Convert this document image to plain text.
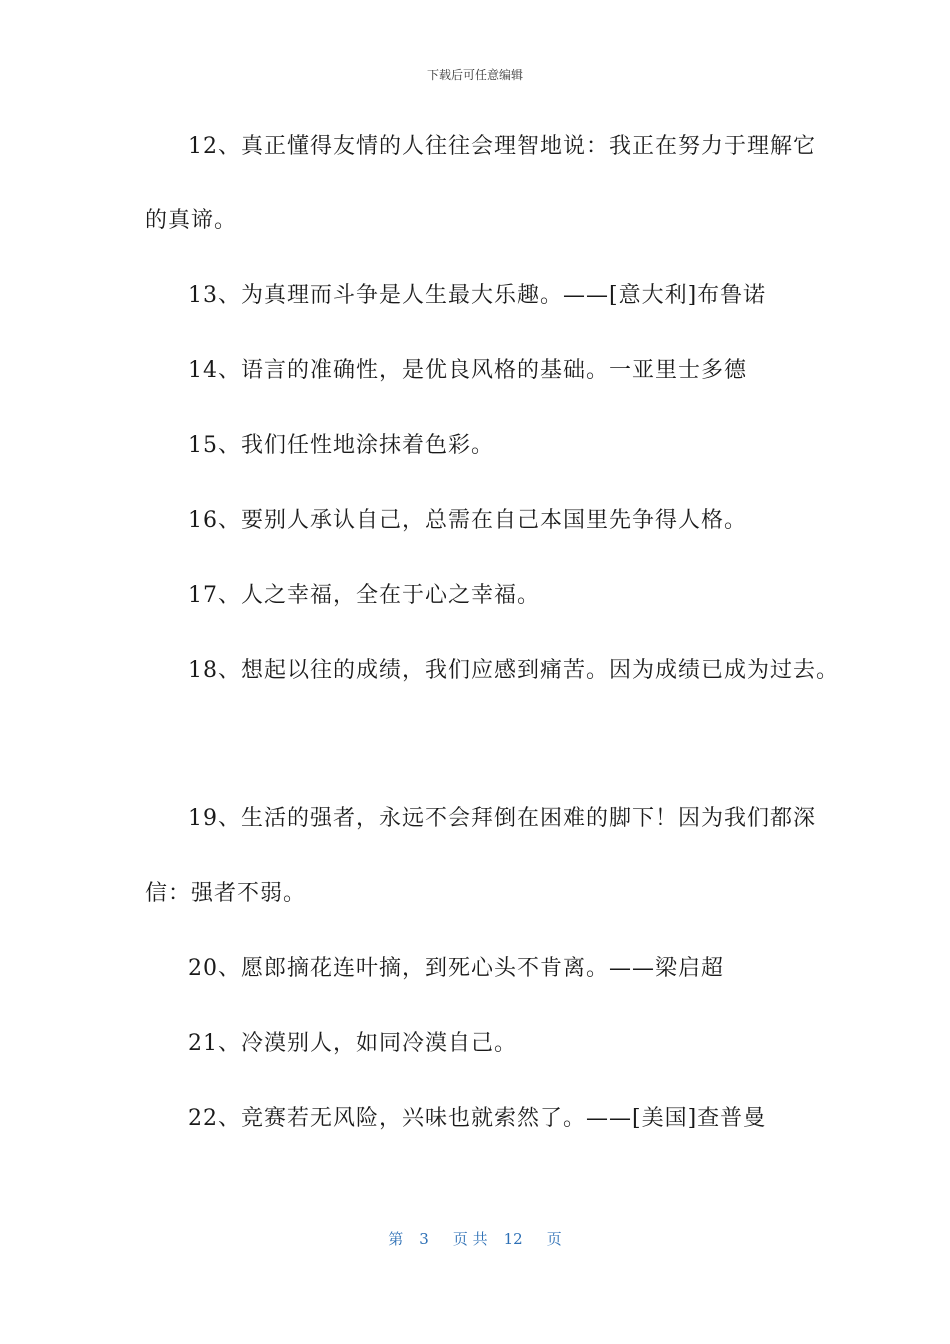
下载后可任意编辑
12、真正懂得友情的人往往会理智地说：我正在努力于理解它
的真谛。
13、为真理而斗争是人生最大乐趣。——[意大利]布鲁诺
14、语言的准确性，是优良风格的基础。一亚里士多德
15、我们任性地涂抹着色彩。
16、要别人承认自己，总需在自己本国里先争得人格。
17、人之幸福，全在于心之幸福。
18、想起以往的成绩，我们应感到痛苦。因为成绩已成为过去。
19、生活的强者，永远不会拜倒在困难的脚下！因为我们都深
信：强者不弱。
20、愿郎摘花连叶摘，到死心头不肯离。——梁启超
21、冷漠别人，如同冷漠自己。
22、竞赛若无风险，兴味也就索然了。——[美国]查普曼
第 3 页 共 12 页
